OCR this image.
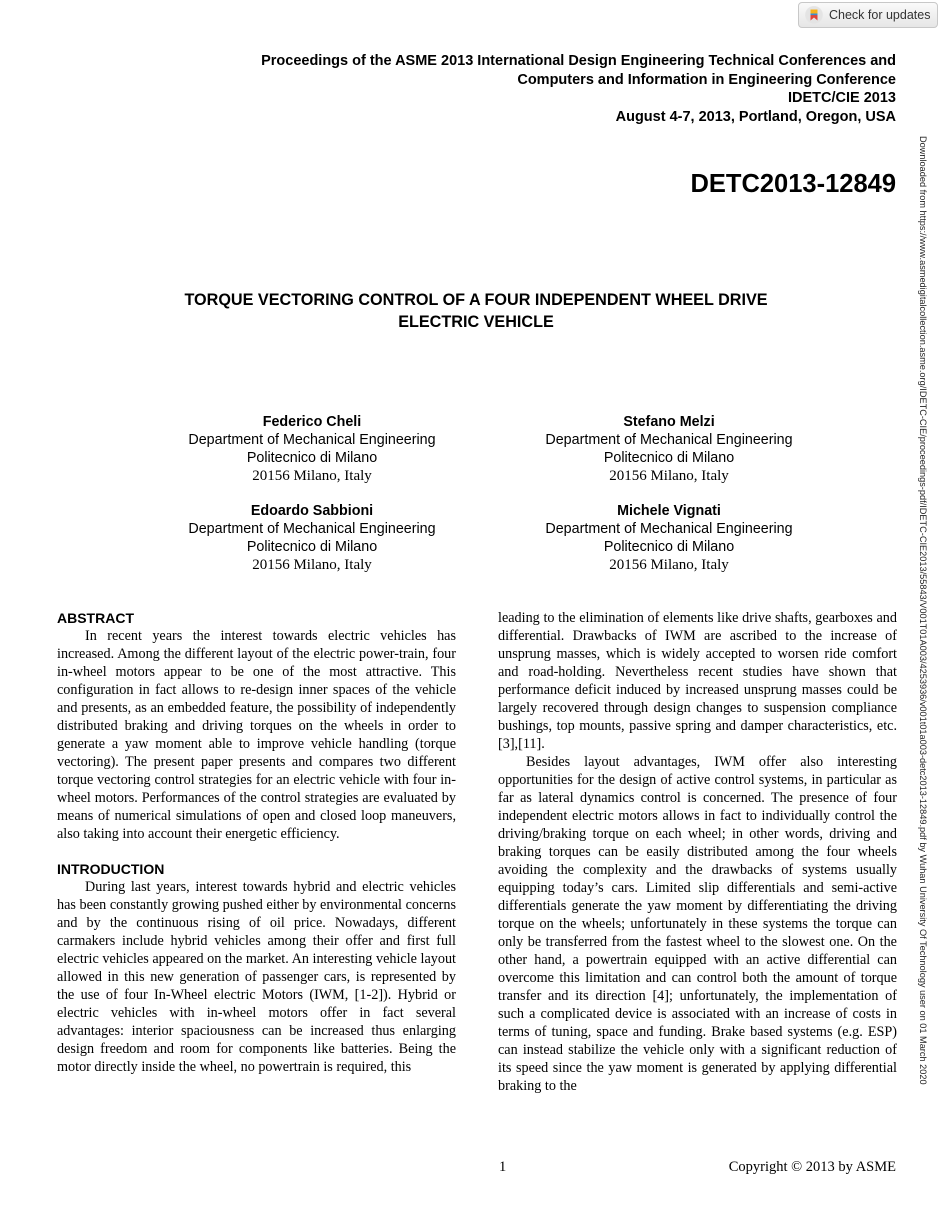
Check for updates
Proceedings of the ASME 2013 International Design Engineering Technical Conferences and
Computers and Information in Engineering Conference
IDETC/CIE 2013
August 4-7, 2013, Portland, Oregon, USA
DETC2013-12849 Downloaded from https://www.asmedigitalcollection.asme.org/IDETC-CIE/proceedings-pdf/IDETC-CIE2013/55843/V001T01A003/4253936/v001t01a003-detc2013-12849.pdf by Wuhan University Of Technology user on 01 March 2020
TORQUE VECTORING CONTROL OF A FOUR INDEPENDENT WHEEL DRIVE
ELECTRIC VEHICLE
Federico Cheli
Department of Mechanical Engineering
Politecnico di Milano
20156 Milano, Italy
Stefano Melzi
Department of Mechanical Engineering
Politecnico di Milano
20156 Milano, Italy
Edoardo Sabbioni
Department of Mechanical Engineering
Politecnico di Milano
20156 Milano, Italy
Michele Vignati
Department of Mechanical Engineering
Politecnico di Milano
20156 Milano, Italy
ABSTRACT

In recent years the interest towards electric vehicles has increased. Among the different layout of the electric power-train, four in-wheel motors appear to be one of the most attractive. This configuration in fact allows to re-design inner spaces of the vehicle and presents, as an embedded feature, the possibility of independently distributed braking and driving torques on the wheels in order to generate a yaw moment able to improve vehicle handling (torque vectoring). The present paper presents and compares two different torque vectoring control strategies for an electric vehicle with four in-wheel motors. Performances of the control strategies are evaluated by means of numerical simulations of open and closed loop maneuvers, also taking into account their energetic efficiency.

INTRODUCTION

During last years, interest towards hybrid and electric vehicles has been constantly growing pushed either by environmental concerns and by the continuous rising of oil price. Nowadays, different carmakers include hybrid vehicles among their offer and first full electric vehicles appeared on the market. An interesting vehicle layout allowed in this new generation of passenger cars, is represented by the use of four In-Wheel electric Motors (IWM, [1-2]). Hybrid or electric vehicles with in-wheel motors offer in fact several advantages: interior spaciousness can be increased thus enlarging design freedom and room for components like batteries. Being the motor directly inside the wheel, no powertrain is required, this

leading to the elimination of elements like drive shafts, gearboxes and differential. Drawbacks of IWM are ascribed to the increase of unsprung masses, which is widely accepted to worsen ride comfort and road-holding. Nevertheless recent studies have shown that performance deficit induced by increased unsprung masses could be largely recovered through design changes to suspension compliance bushings, top mounts, passive spring and damper characteristics, etc. [3],[11].

Besides layout advantages, IWM offer also interesting opportunities for the design of active control systems, in particular as far as lateral dynamics control is concerned. The presence of four independent electric motors allows in fact to individually control the driving/braking torque on each wheel; in other words, driving and braking torques can be easily distributed among the four wheels avoiding the complexity and the drawbacks of systems usually equipping today’s cars. Limited slip differentials and semi-active differentials generate the yaw moment by differentiating the driving torque on the wheels; unfortunately in these systems the torque can only be transferred from the fastest wheel to the slowest one. On the other hand, a powertrain equipped with an active differential can overcome this limitation and can control both the amount of torque transfer and its direction [4]; unfortunately, the implementation of such a complicated device is associated with an increase of costs in terms of tuning, space and funding. Brake based systems (e.g. ESP) can instead stabilize the vehicle only with a significant reduction of its speed since the yaw moment is generated by applying differential braking to the

1	Copyright © 2013 by ASME
